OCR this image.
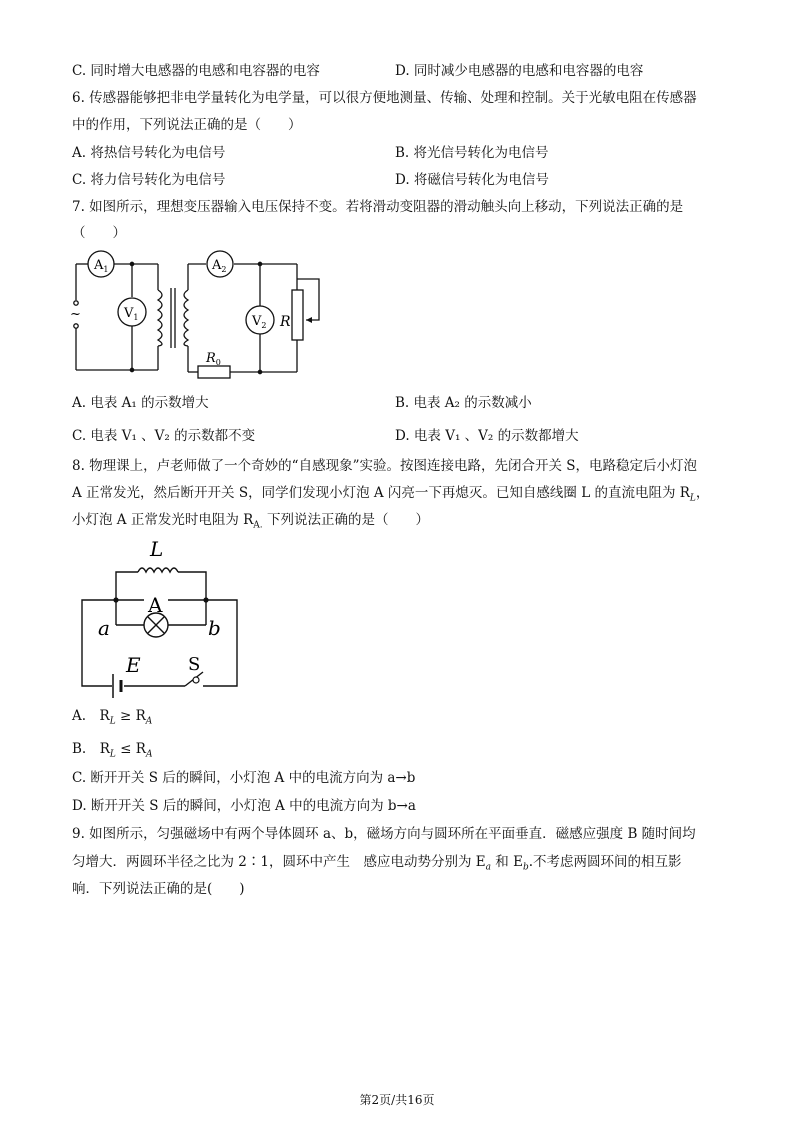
C. 同时增大电感器的电感和电容器的电容	D. 同时减少电感器的电感和电容器的电容
6. 传感器能够把非电学量转化为电学量，可以很方便地测量、传输、处理和控制。关于光敏电阻在传感器
中的作用，下列说法正确的是（　　）
A. 将热信号转化为电信号	B. 将光信号转化为电信号
C. 将力信号转化为电信号	D. 将磁信号转化为电信号
7. 如图所示，理想变压器输入电压保持不变。若将滑动变阻器的滑动触头向上移动，下列说法正确的是
（　　）
$A_1$	$A_2$
$V_1$	$V_2$ R
$R_0$
~
A. 电表 A₁ 的示数增大	B. 电表 A₂ 的示数减小
C. 电表 V₁ 、V₂ 的示数都不变	D. 电表 V₁ 、V₂ 的示数都增大
8. 物理课上，卢老师做了一个奇妙的“自感现象”实验。按图连接电路，先闭合开关 S，电路稳定后小灯泡
A 正常发光，然后断开开关 S，同学们发现小灯泡 A 闪亮一下再熄灭。已知自感线圈 L 的直流电阻为 $R_L$，
小灯泡 A 正常发光时电阻为 $R_{A.}$ 下列说法正确的是（　　）
L
A
a	b
E	S
A.　$R_L \ge R_A$
B.　$R_L \le R_A$
C. 断开开关 S 后的瞬间，小灯泡 A 中的电流方向为 a→b
D. 断开开关 S 后的瞬间，小灯泡 A 中的电流方向为 b→a
9. 如图所示，匀强磁场中有两个导体圆环 a、b，磁场方向与圆环所在平面垂直．磁感应强度 B 随时间均
匀增大．两圆环半径之比为 2∶1，圆环中产生　感应电动势分别为 $E_a$ 和 $E_b$.不考虑两圆环间的相互影
响．下列说法正确的是(　　)
第2页/共16页
